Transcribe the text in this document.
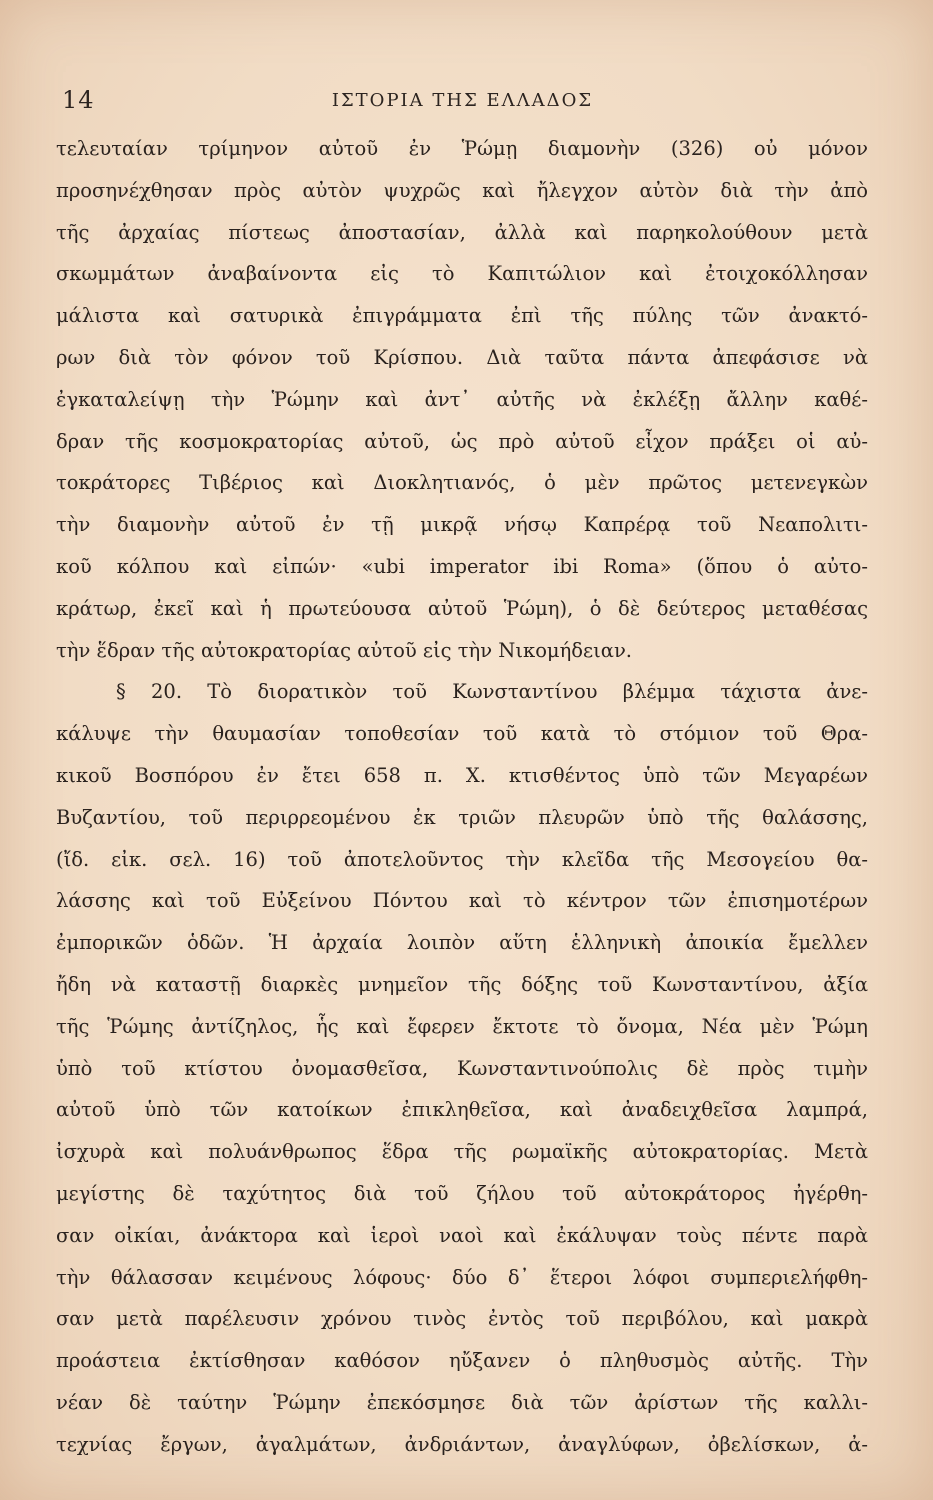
14	ΙΣΤΟΡΙΑ ΤΗΣ ΕΛΛΑΔΟΣ
τελευταίαν τρίμηνον αὐτοῦ ἐν Ῥώμῃ διαμονὴν (326) οὐ μόνον
προσηνέχθησαν πρὸς αὐτὸν ψυχρῶς καὶ ἤλεγχον αὐτὸν διὰ τὴν ἀπὸ
τῆς ἀρχαίας πίστεως ἀποστασίαν, ἀλλὰ καὶ παρηκολούθουν μετὰ
σκωμμάτων ἀναβαίνοντα εἰς τὸ Καπιτώλιον καὶ ἐτοιχοκόλλησαν
μάλιστα καὶ σατυρικὰ ἐπιγράμματα ἐπὶ τῆς πύλης τῶν ἀνακτό-
ρων διὰ τὸν φόνον τοῦ Κρίσπου. Διὰ ταῦτα πάντα ἀπεφάσισε νὰ
ἐγκαταλείψῃ τὴν Ῥώμην καὶ ἀντ᾽ αὐτῆς νὰ ἐκλέξῃ ἄλλην καθέ-
δραν τῆς κοσμοκρατορίας αὐτοῦ, ὡς πρὸ αὐτοῦ εἶχον πράξει οἱ αὐ-
τοκράτορες Τιβέριος καὶ Διοκλητιανός, ὁ μὲν πρῶτος μετενεγκὼν
τὴν διαμονὴν αὐτοῦ ἐν τῇ μικρᾷ νήσῳ Καπρέρᾳ τοῦ Νεαπολιτι-
κοῦ κόλπου καὶ εἰπών· «ubi imperator ibi Roma» (ὅπου ὁ αὐτο-
κράτωρ, ἐκεῖ καὶ ἡ πρωτεύουσα αὐτοῦ Ῥώμη), ὁ δὲ δεύτερος μεταθέσας
τὴν ἕδραν τῆς αὐτοκρατορίας αὐτοῦ εἰς τὴν Νικομήδειαν.
§ 20. Τὸ διορατικὸν τοῦ Κωνσταντίνου βλέμμα τάχιστα ἀνε-
κάλυψε τὴν θαυμασίαν τοποθεσίαν τοῦ κατὰ τὸ στόμιον τοῦ Θρα-
κικοῦ Βοσπόρου ἐν ἔτει 658 π. Χ. κτισθέντος ὑπὸ τῶν Μεγαρέων
Βυζαντίου, τοῦ περιρρεομένου ἐκ τριῶν πλευρῶν ὑπὸ τῆς θαλάσσης,
(ἴδ. εἰκ. σελ. 16) τοῦ ἀποτελοῦντος τὴν κλεῖδα τῆς Μεσογείου θα-
λάσσης καὶ τοῦ Εὐξείνου Πόντου καὶ τὸ κέντρον τῶν ἐπισημοτέρων
ἐμπορικῶν ὁδῶν. Ἡ ἀρχαία λοιπὸν αὕτη ἑλληνικὴ ἀποικία ἔμελλεν
ἤδη νὰ καταστῇ διαρκὲς μνημεῖον τῆς δόξης τοῦ Κωνσταντίνου, ἀξία
τῆς Ῥώμης ἀντίζηλος, ἧς καὶ ἔφερεν ἔκτοτε τὸ ὄνομα, Νέα μὲν Ῥώμη
ὑπὸ τοῦ κτίστου ὀνομασθεῖσα, Κωνσταντινούπολις δὲ πρὸς τιμὴν
αὐτοῦ ὑπὸ τῶν κατοίκων ἐπικληθεῖσα, καὶ ἀναδειχθεῖσα λαμπρά,
ἰσχυρὰ καὶ πολυάνθρωπος ἕδρα τῆς ρωμαϊκῆς αὐτοκρατορίας. Μετὰ
μεγίστης δὲ ταχύτητος διὰ τοῦ ζήλου τοῦ αὐτοκράτορος ἠγέρθη-
σαν οἰκίαι, ἀνάκτορα καὶ ἱεροὶ ναοὶ καὶ ἐκάλυψαν τοὺς πέντε παρὰ
τὴν θάλασσαν κειμένους λόφους· δύο δ᾽ ἕτεροι λόφοι συμπεριελήφθη-
σαν μετὰ παρέλευσιν χρόνου τινὸς ἐντὸς τοῦ περιβόλου, καὶ μακρὰ
προάστεια ἐκτίσθησαν καθόσον ηὔξανεν ὁ πληθυσμὸς αὐτῆς. Τὴν
νέαν δὲ ταύτην Ῥώμην ἐπεκόσμησε διὰ τῶν ἀρίστων τῆς καλλι-
τεχνίας ἔργων, ἀγαλμάτων, ἀνδριάντων, ἀναγλύφων, ὀβελίσκων, ἀ-
